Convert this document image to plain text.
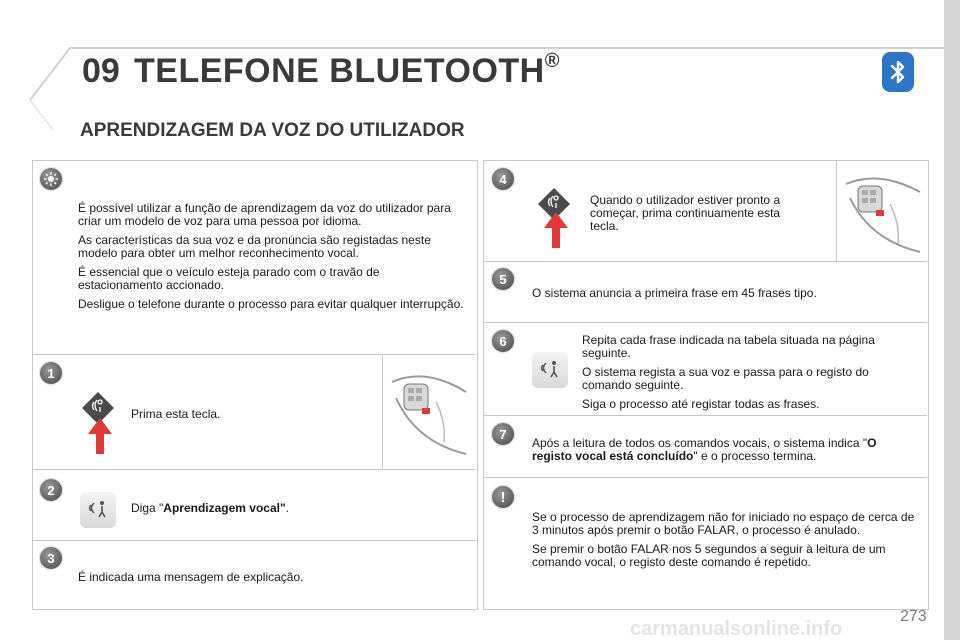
09 TELEFONE BLUETOOTH®
APRENDIZAGEM DA VOZ DO UTILIZADOR

É possível utilizar a função de aprendizagem da voz do utilizador para criar um modelo de voz para uma pessoa por idioma.

As características da sua voz e da pronúncia são registadas neste modelo para obter um melhor reconhecimento vocal.

É essencial que o veículo esteja parado com o travão de estacionamento accionado.

Desligue o telefone durante o processo para evitar qualquer interrupção.

1
Prima esta tecla.
2
Diga "Aprendizagem vocal".
3
É indicada uma mensagem de explicação.
4
Quando o utilizador estiver pronto a começar, prima continuamente esta tecla.
5
O sistema anuncia a primeira frase em 45 frases tipo.
6	Repita cada frase indicada na tabela situada na página seguinte.

O sistema regista a sua voz e passa para o registo do comando seguinte.

Siga o processo até registar todas as frases.

7
Após a leitura de todos os comandos vocais, o sistema indica "O registo vocal está concluído" e o processo termina.
!

Se o processo de aprendizagem não for iniciado no espaço de cerca de 3 minutos após premir o botão FALAR, o processo é anulado.

Se premir o botão FALAR nos 5 segundos a seguir à leitura de um comando vocal, o registo deste comando é repetido.

273
carmanualsonline.info
